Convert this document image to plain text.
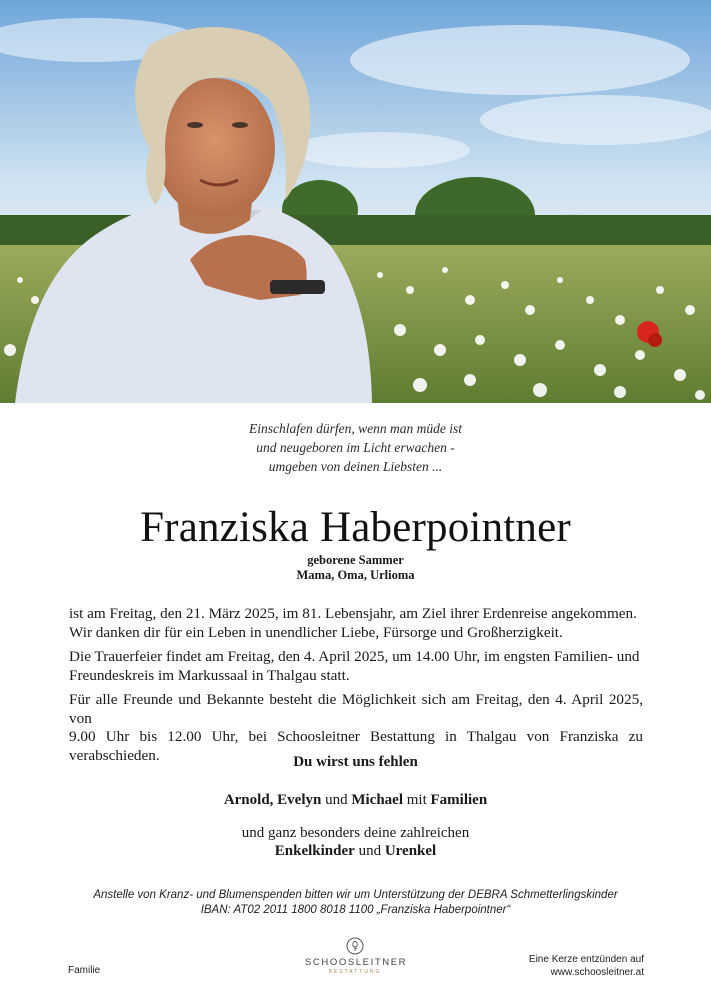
Einschlafen dürfen, wenn man müde ist
und neugeboren im Licht erwachen -
umgeben von deinen Liebsten ...
Franziska Haberpointner
geborene Sammer
Mama, Oma, Urlioma
ist am Freitag, den 21. März 2025, im 81. Lebensjahr, am Ziel ihrer Erdenreise angekommen.
Wir danken dir für ein Leben in unendlicher Liebe, Fürsorge und Großherzigkeit.
Die Trauerfeier findet am Freitag, den 4. April 2025, um 14.00 Uhr, im engsten Familien- und
Freundeskreis im Markussaal in Thalgau statt.
Für alle Freunde und Bekannte besteht die Möglichkeit sich am Freitag, den 4. April 2025, von
9.00 Uhr bis 12.00 Uhr, bei Schoosleitner Bestattung in Thalgau von Franziska zu verabschieden.	Du wirst uns fehlen
Arnold, Evelyn und Michael mit Familien
und ganz besonders deine zahlreichen
Enkelkinder und Urenkel
Anstelle von Kranz- und Blumenspenden bitten wir um Unterstützung der DEBRA Schmetterlingskinder
IBAN: AT02 2011 1800 8018 1100 „Franziska Haberpointner“
Familie
SCHOOSLEITNER
BESTATTUNG
Eine Kerze entzünden auf
www.schoosleitner.at
